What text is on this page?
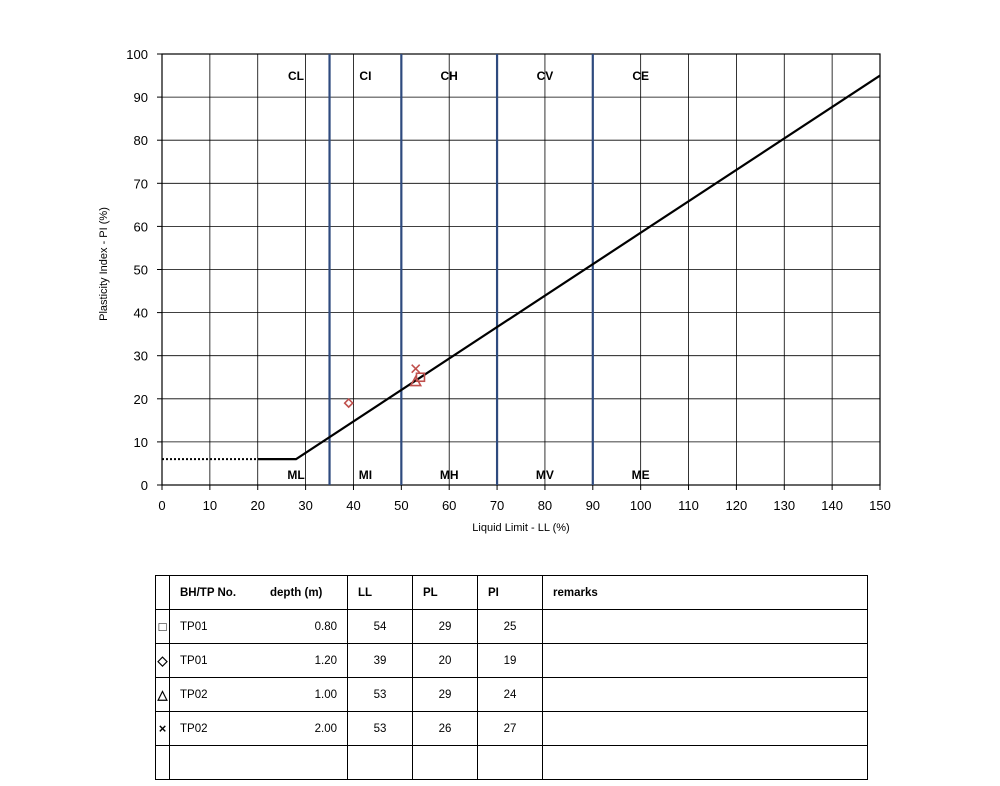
CL	CI	CH	CV	CE
ML	MI	MH	MV	ME
0	10	20	30	40	50	60	70	80	90 100 110 120 130 140 150
0
10
20
30
40
50
60
70
80
90
100
Liquid Limit - LL (%)
Plasticity Index - PI (%)
	BH/TP No.	depth (m)	LL	PL	PI	remarks
□	TP01	0.80	54	29	25	
◇	TP01	1.20	39	20	19	
△	TP02	1.00	53	29	24	
×	TP02	2.00	53	26	27	
